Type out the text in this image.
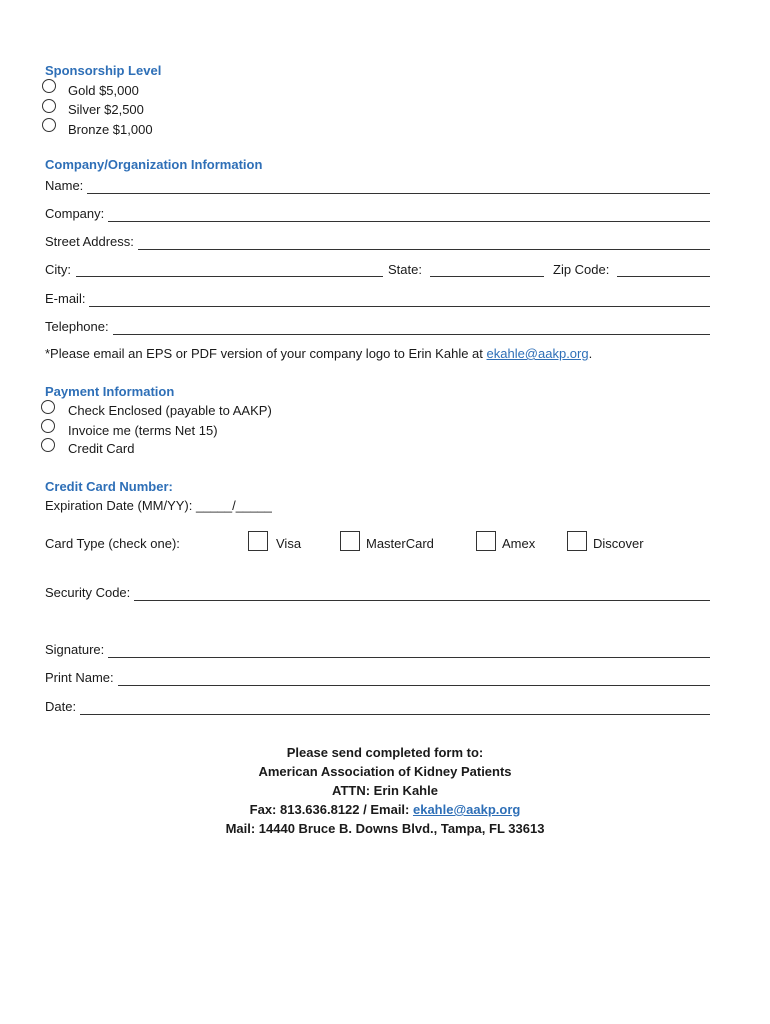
Sponsorship Level
Gold $5,000
Silver $2,500
Bronze $1,000
Company/Organization Information
Name:
Company:
Street Address:
City:	State:	Zip Code:
E-mail:
Telephone:
*Please email an EPS or PDF version of your company logo to Erin Kahle at ekahle@aakp.org.
Payment Information
Check Enclosed (payable to AAKP)
Invoice me (terms Net 15)
Credit Card
Credit Card Number:
Expiration Date (MM/YY): _____/_____
Card Type (check one):	Visa	MasterCard	Amex	Discover
Security Code:
Signature:
Print Name:
Date:
Please send completed form to:
American Association of Kidney Patients
ATTN: Erin Kahle
Fax: 813.636.8122 / Email: ekahle@aakp.org
Mail: 14440 Bruce B. Downs Blvd., Tampa, FL 33613
